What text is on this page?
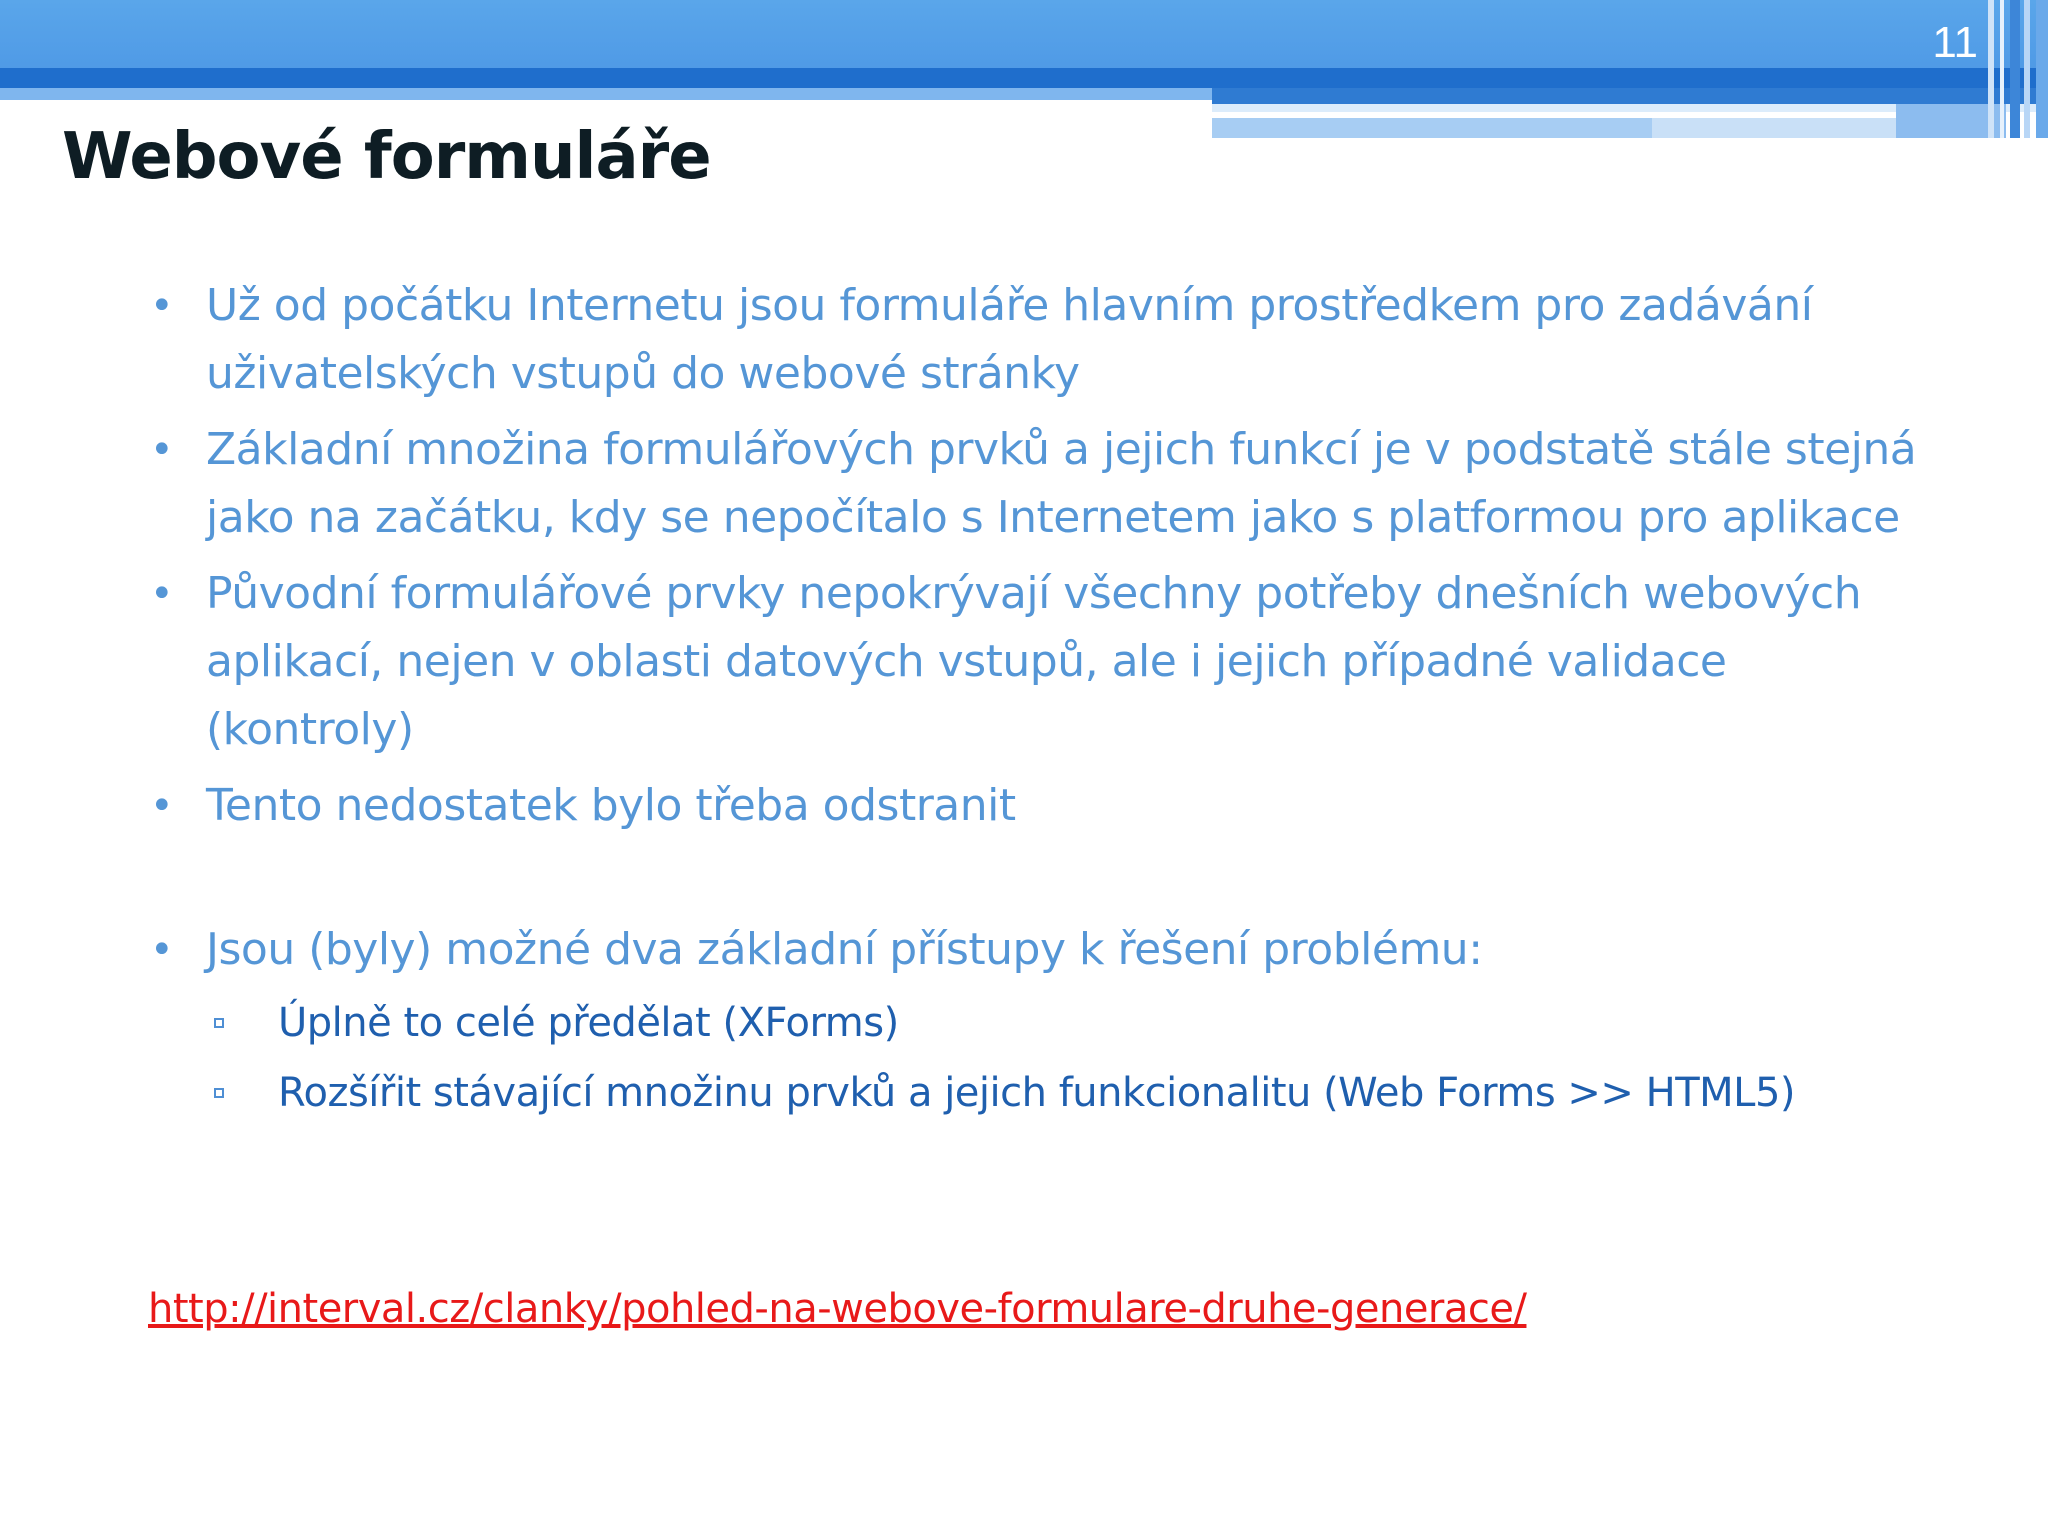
11
Webové formuláře
• Už od počátku Internetu jsou formuláře hlavním prostředkem pro zadávání uživatelských vstupů do webové stránky
• Základní množina formulářových prvků a jejich funkcí je v podstatě stále stejná jako na začátku, kdy se nepočítalo s Internetem jako s platformou pro aplikace
• Původní formulářové prvky nepokrývají všechny potřeby dnešních webových aplikací, nejen v oblasti datových vstupů, ale i jejich případné validace (kontroly)
• Tento nedostatek bylo třeba odstranit
• Jsou (byly) možné dva základní přístupy k řešení problému:
Úplně to celé předělat (XForms)
Rozšířit stávající množinu prvků a jejich funkcionalitu (Web Forms >> HTML5)
http://interval.cz/clanky/pohled-na-webove-formulare-druhe-generace/
